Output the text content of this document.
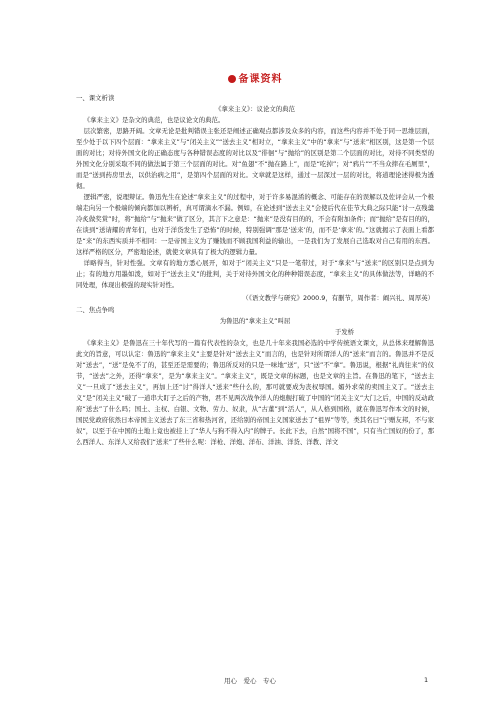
备课资料
一、课文析读
《拿来主义》：议论文的典范

《拿来主义》是杂文的典范，也是议论文的典范。

层次繁密，思路开阔。文章无论是批判错误主张还是阐述正确观点都涉及众多的内容，而这些内容并不处于同一思维层面，至少处于以下四个层面：“拿来主义”与“闭关主义”“送去主义”相对立，“拿来主义”中的“拿来”与“送来”相区别，这是第一个层面的对比；对待外国文化的正确态度与各种错误态度的对比以及“徘徊”与“抛给”的区别是第二个层面的对比，对待不同类型的外国文化分别采取不同的做法属于第三个层面的对比。对“鱼翅”不“抛在路上”，而是“吃掉”；对“鸦片”“不当众摔在毛厕里”，而是“送到药房里去，以供治病之用”，是第四个层面的对比。文章就是这样，通过一层深过一层的对比，将道理论述得极为透彻。

逻辑严密，说理辩证。鲁迅先生在论述“拿来主义”的过程中，对于许多易混淆的概念、可能存在的误解以及佐评会从一个极端走向另一个极端的倾向都加以辨析，真可谓滴水不漏。例如，在论述到“送去主义”会使后代在佳节大典之际只能“讨一点残羹冷炙做奖赏”时，将“抛给”与“抛来”做了区分，其言下之意是：“抛来”是没有目的的，不会有附加条件；而“抛给”是有目的的，在谈到“送请耀的青年们，也对于洋货发生了恐怖”的时候，特别强调“那是‘送来’的，而不是‘拿来’的。”这就揭示了表面上看都是“来”的东西实质并不相同：一是帝国主义为了赚钱而不顾我国利益的输出，一是我们为了发展自己选取对自己有用的东西。这样严格的区分，严密地论述，就使文章具有了极大的逻辑力量。

详略得当，针对性强。文章有的地方悉心展开，如对于“闭关主义”只是一笔带过，对于“拿来”与“送来”的区别只是点到为止；有的地方用墨如泼，如对于“送去主义”的批判，关于对待外国文化的种种错误态度，“拿来主义”的具体做法等，详略的不同处理，体现出极强的现实针对性。

（《语文教学与研究》2000.9，有删节，周作者：阚兴礼、周厚英）
二、焦点争鸣
为鲁迅的“拿来主义”叫屈
于发桥

《拿来主义》是鲁迅在三十年代写的一篇有代表性的杂文，也是几十年来我国必选的中学传统语文课文，从总体来理解鲁迅此文的旨意，可以认定：鲁迅的“拿来主义”主要是针对“送去主义”而言的，也是针对所谓洋人的“送来”而言的。鲁迅并不是反对“送去”，“送”是免不了的，甚至还是需要的；鲁迅所反对的只是一味地“送”，只“送”不“拿”。鲁迅说，根据“礼尚往来”的仪节，“送去”之外，还得“拿来”，是为“拿来主义”。“拿来主义”，既是文章的标题，也是文章的主旨。在鲁迅的笔下，“送去主义”一旦成了“送去主义”，再加上还“讨”得洋人“送来”些什么的，那可就要成为丧权辱国。媚外求荣的卖国主义了。“送去主义”是“闭关主义”破了一道串大盯子之后的产物，君不见两次战争洋人的炮舰打破了中国的“闭关主义”大门之后，中国的反动政府“送去”了什么吗；国土、主权、白银、文物、劳力、奴隶，从“古董”到“活人”，从人格到国格，就在鲁迅写作本文的时候，国民党政府依然日本帝国主义送去了东三省和热河省，还给别的帝国主义国家送去了“祖界”等等，类其名曰“宁赠友邦，不与家奴”，以至于在中国的土地上竟也被挂上了“华人与狗不得入内”的牌子。长此下去，自然“国将不国”，只有当亡国奴的份了，那么西洋人、东洋人又给我们“送来”了些什么呢：洋枪、洋炮、洋布、洋油、洋货、洋教、洋文

用心　爱心　专心	1
